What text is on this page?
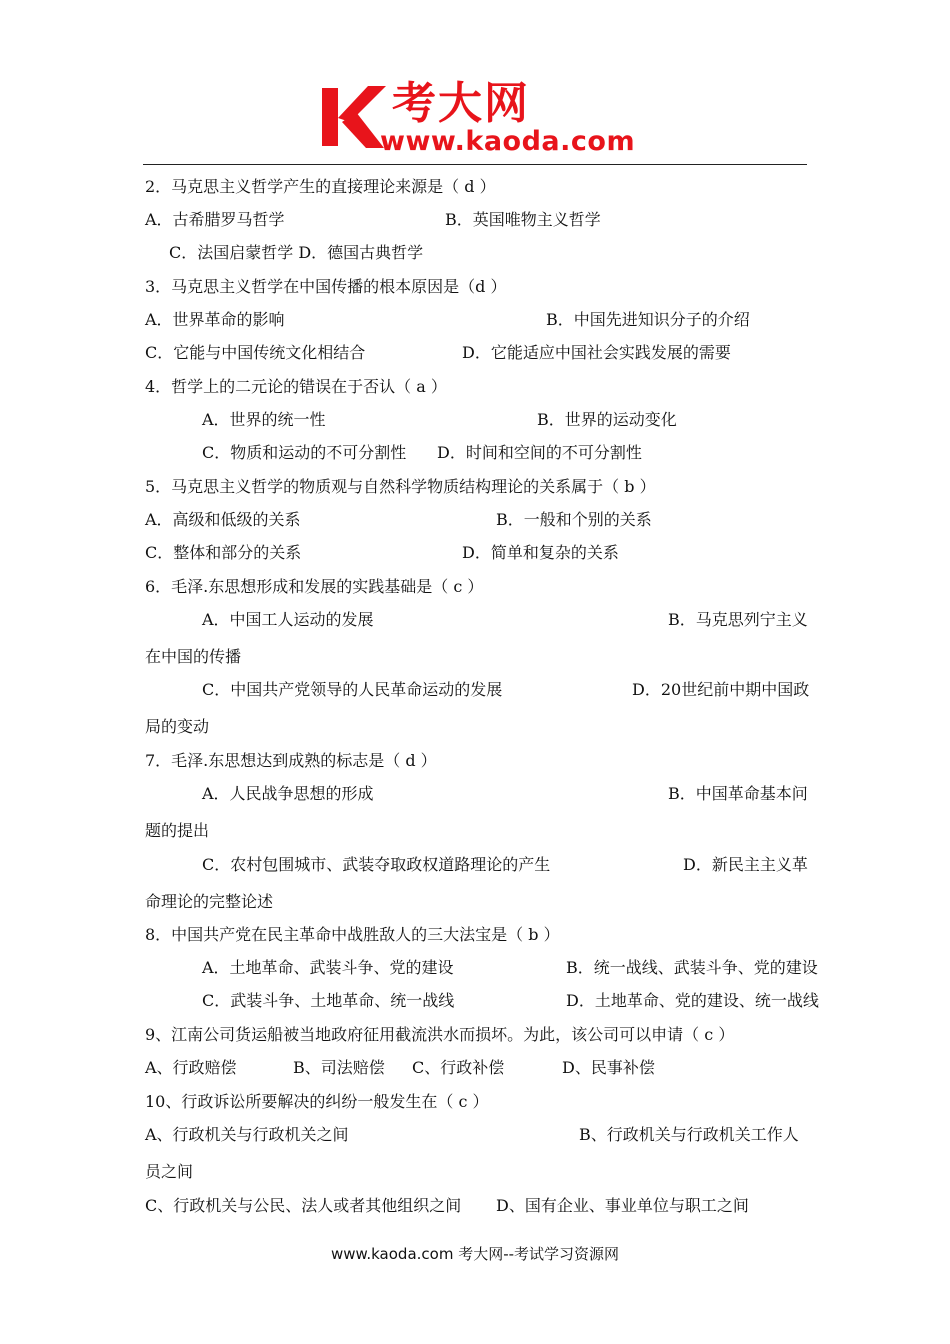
考大网
www.kaoda.com
2．马克思主义哲学产生的直接理论来源是（ d ）
A．古希腊罗马哲学	B．英国唯物主义哲学
C．法国启蒙哲学 D．德国古典哲学
3．马克思主义哲学在中国传播的根本原因是（d ）
A．世界革命的影响	B．中国先进知识分子的介绍
C．它能与中国传统文化相结合	D．它能适应中国社会实践发展的需要
4．哲学上的二元论的错误在于否认（ a ）
A．世界的统一性	B．世界的运动变化
C．物质和运动的不可分割性 D．时间和空间的不可分割性
5．马克思主义哲学的物质观与自然科学物质结构理论的关系属于（ b ）
A．高级和低级的关系	B．一般和个别的关系
C．整体和部分的关系	D．简单和复杂的关系
6．毛泽.东思想形成和发展的实践基础是（ c ）
A．中国工人运动的发展	B．马克思列宁主义
在中国的传播
C．中国共产党领导的人民革命运动的发展	D．20世纪前中期中国政
局的变动
7．毛泽.东思想达到成熟的标志是（ d ）
A．人民战争思想的形成	B．中国革命基本问
题的提出
C．农村包围城市、武装夺取政权道路理论的产生	D．新民主主义革
命理论的完整论述
8．中国共产党在民主革命中战胜敌人的三大法宝是（ b ）
A．土地革命、武装斗争、党的建设	B．统一战线、武装斗争、党的建设
C．武装斗争、土地革命、统一战线	D．土地革命、党的建设、统一战线
9、江南公司货运船被当地政府征用截流洪水而损坏。为此，该公司可以申请（ c ）
A、行政赔偿	B、司法赔偿 C、行政补偿	D、民事补偿
10、行政诉讼所要解决的纠纷一般发生在（ c ）
A、行政机关与行政机关之间	B、行政机关与行政机关工作人
员之间
C、行政机关与公民、法人或者其他组织之间 D、国有企业、事业单位与职工之间
www.kaoda.com 考大网--考试学习资源网
